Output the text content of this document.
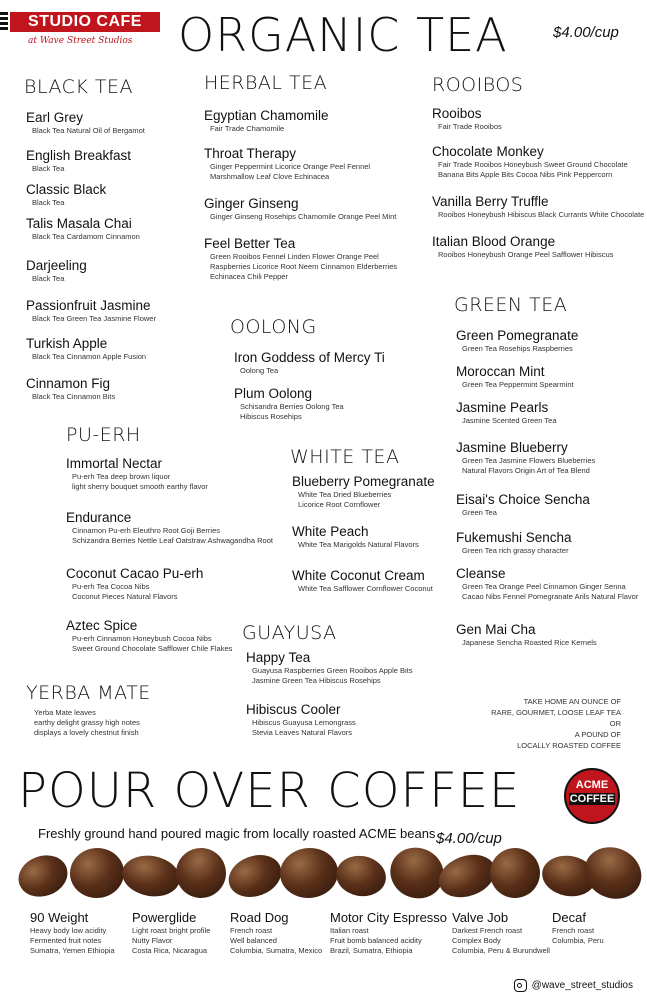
STUDIO CAFE
at Wave Street Studios ORGANIC TEA	$4.00/cup
BLACK TEA	HERBAL TEA	ROOIBOS
OOLONG
GREEN TEA
PU-ERH
WHITE TEA
GUAYUSA
YERBA MATE
Earl Grey
Black Tea Natural Oil of Bergamot
English Breakfast
Black Tea
Classic Black
Black Tea
Talis Masala Chai
Black Tea Cardamom Cinnamon
Darjeeling
Black Tea
Passionfruit Jasmine
Black Tea Green Tea Jasmine Flower
Turkish Apple
Black Tea Cinnamon Apple Fusion
Cinnamon Fig
Black Tea Cinnamon Bits
Egyptian Chamomile
Fair Trade Chamomile
Throat Therapy
Ginger Peppermint Licorice Orange Peel Fennel
Marshmallow Leaf Clove Echinacea
Ginger Ginseng
Ginger Ginseng Rosehips Chamomile Orange Peel Mint
Feel Better Tea
Green Rooibos Fennel Linden Flower Orange Peel
Raspberries Licorice Root Neem Cinnamon Elderberries
Echinacea Chili Pepper
Rooibos
Fair Trade Rooibos
Chocolate Monkey
Fair Trade Rooibos Honeybush Sweet Ground Chocolate
Banana Bits Apple Bits Cocoa Nibs Pink Peppercorn
Vanilla Berry Truffle
Rooibos Honeybush Hibiscus Black Currants White Chocolate
Italian Blood Orange
Rooibos Honeybush Orange Peel Safflower Hibiscus
Iron Goddess of Mercy Ti
Oolong Tea
Plum Oolong
Schisandra Berries Oolong Tea
Hibiscus Rosehips
Green Pomegranate
Green Tea Rosehips Raspberries
Moroccan Mint
Green Tea Peppermint Spearmint
Jasmine Pearls
Jasmine Scented Green Tea
Jasmine Blueberry
Green Tea Jasmine Flowers Blueberries
Natural Flavors Origin Art of Tea Blend
Eisai's Choice Sencha
Green Tea
Fukemushi Sencha
Green Tea rich grassy character
Cleanse
Green Tea Orange Peel Cinnamon Ginger Senna
Cacao Nibs Fennel Pomegranate Arils Natural Flavor
Gen Mai Cha
Japanese Sencha Roasted Rice Kernels
Immortal Nectar
Pu-erh Tea deep brown liquor
light sherry bouquet smooth earthy flavor
Endurance
Cinnamon Pu-erh Eleuthro Root Goji Berries
Schizandra Berries Nettle Leaf Oatstraw Ashwagandha Root
Coconut Cacao Pu-erh
Pu-erh Tea Cocoa Nibs
Coconut Pieces Natural Flavors
Aztec Spice
Pu-erh Cinnamon Honeybush Cocoa Nibs
Sweet Ground Chocolate Safflower Chile Flakes
Blueberry Pomegranate
White Tea Dried Blueberries
Licorice Root Cornflower
White Peach
White Tea Marigolds Natural Flavors
White Coconut Cream
White Tea Safflower Cornflower Coconut
Happy Tea
Guayusa Raspberries Green Rooibos Apple Bits
Jasmine Green Tea Hibiscus Rosehips
Hibiscus Cooler
Hibiscus Guayusa Lemongrass
Stevia Leaves Natural Flavors
Yerba Mate leaves
earthy delight grassy high notes
displays a lovely chestnut finish
TAKE HOME AN OUNCE OF
RARE, GOURMET, LOOSE LEAF TEA
OR
A POUND OF
LOCALLY ROASTED COFFEE
POUR OVER COFFEE	ACME
COFFEE
Freshly ground hand poured magic from locally roasted ACME beans $4.00/cup
90 Weight
Heavy body low acidity
Fermented fruit notes
Sumatra, Yemen Ethiopia
Powerglide
Light roast bright profile
Nutty Flavor
Costa Rica, Nicaragua
Road Dog
French roast
Well balanced
Columbia, Sumatra, Mexico
Motor City Espresso
Italian roast
Fruit bomb balanced acidity
Brazil, Sumatra, Ethiopia
Valve Job
Darkest French roast
Complex Body
Columbia, Peru & Burundwell
Decaf
French roast
Columbia, Peru
@wave_street_studios
